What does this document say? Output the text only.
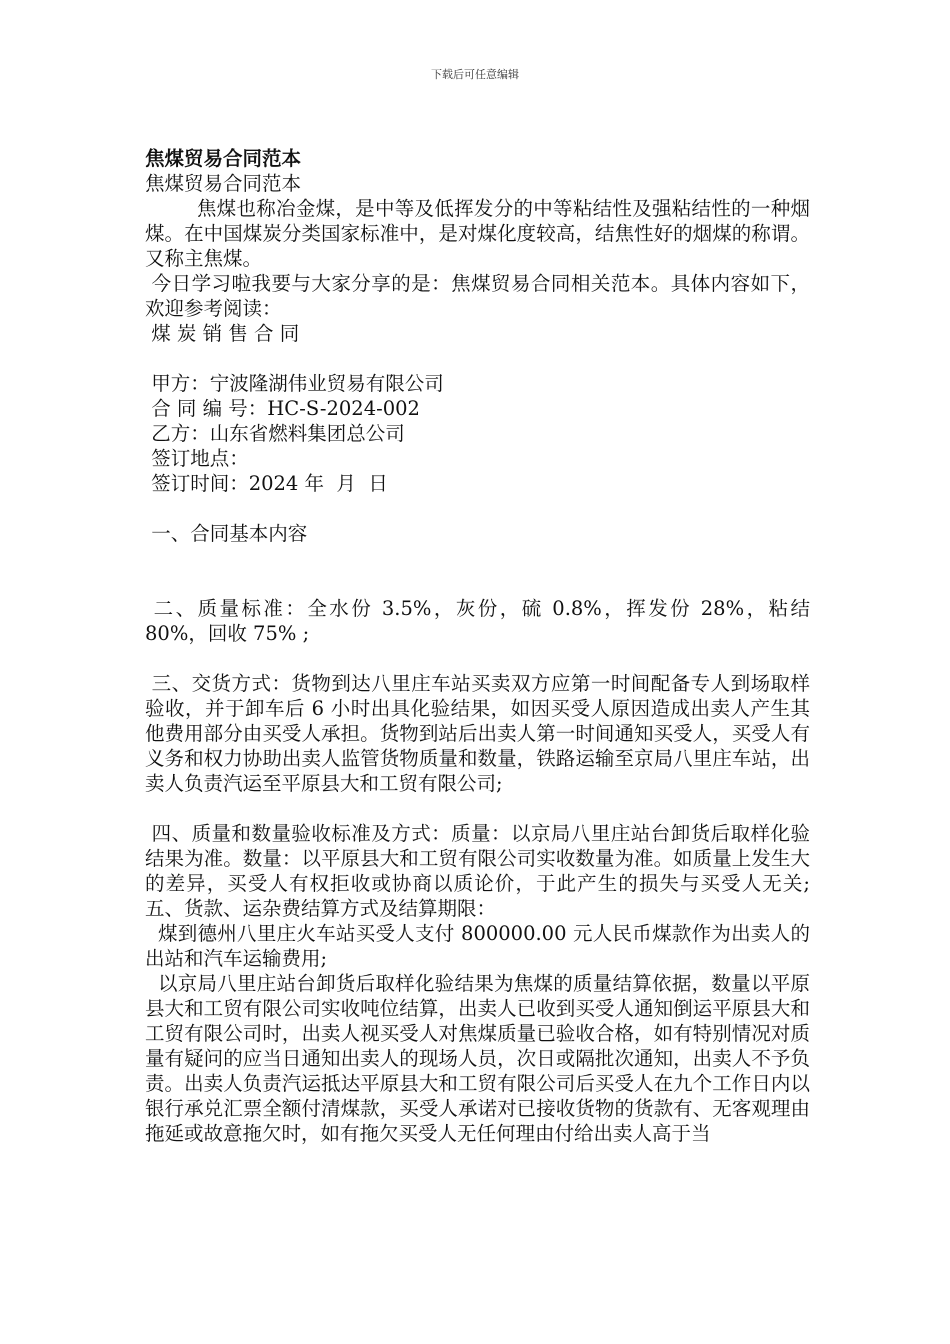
下载后可任意编辑

焦煤贸易合同范本

焦煤贸易合同范本

焦煤也称冶金煤，是中等及低挥发分的中等粘结性及强粘结性的一种烟煤。在中国煤炭分类国家标准中，是对煤化度较高，结焦性好的烟煤的称谓。又称主焦煤。

今日学习啦我要与大家分享的是：焦煤贸易合同相关范本。具体内容如下，欢迎参考阅读：

煤 炭 销 售 合 同

甲方：宁波隆湖伟业贸易有限公司

合 同 编 号：HC-S-2024-002

乙方：山东省燃料集团总公司

签订地点：

签订时间：2024 年  月  日

一、合同基本内容

二、质量标准：全水份 3.5%，灰份，硫 0.8%，挥发份 28%，粘结 80%，回收 75% ;

三、交货方式：货物到达八里庄车站买卖双方应第一时间配备专人到场取样验收，并于卸车后 6 小时出具化验结果，如因买受人原因造成出卖人产生其他费用部分由买受人承担。货物到站后出卖人第一时间通知买受人，买受人有义务和权力协助出卖人监管货物质量和数量，铁路运输至京局八里庄车站，出卖人负责汽运至平原县大和工贸有限公司;

四、质量和数量验收标准及方式：质量：以京局八里庄站台卸货后取样化验结果为准。数量：以平原县大和工贸有限公司实收数量为准。如质量上发生大的差异，买受人有权拒收或协商以质论价，于此产生的损失与买受人无关; 五、货款、运杂费结算方式及结算期限：

煤到德州八里庄火车站买受人支付 800000.00 元人民币煤款作为出卖人的出站和汽车运输费用;

以京局八里庄站台卸货后取样化验结果为焦煤的质量结算依据，数量以平原县大和工贸有限公司实收吨位结算，出卖人已收到买受人通知倒运平原县大和工贸有限公司时，出卖人视买受人对焦煤质量已验收合格，如有特别情况对质量有疑问的应当日通知出卖人的现场人员，次日或隔批次通知，出卖人不予负责。出卖人负责汽运抵达平原县大和工贸有限公司后买受人在九个工作日内以银行承兑汇票全额付清煤款，买受人承诺对已接收货物的货款有、无客观理由拖延或故意拖欠时，如有拖欠买受人无任何理由付给出卖人高于当
